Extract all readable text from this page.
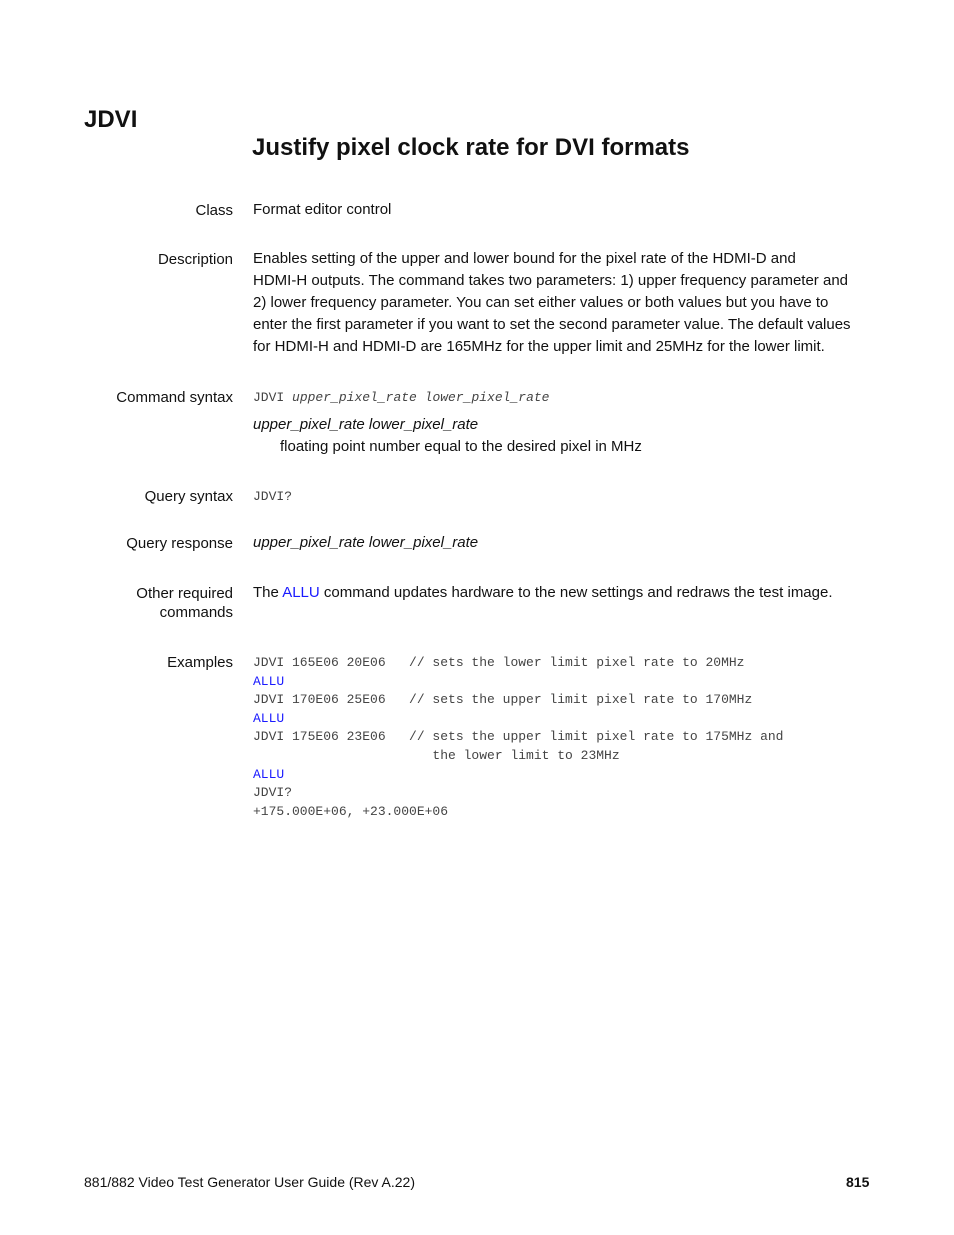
JDVI
Justify pixel clock rate for DVI formats
Class Format editor control
Description Enables setting of the upper and lower bound for the pixel rate of the HDMI-D and
HDMI-H outputs. The command takes two parameters: 1) upper frequency parameter and
2) lower frequency parameter. You can set either values or both values but you have to
enter the first parameter if you want to set the second parameter value. The default values
for HDMI-H and HDMI-D are 165MHz for the upper limit and 25MHz for the lower limit.
Command syntax JDVI upper_pixel_rate lower_pixel_rate
upper_pixel_rate lower_pixel_rate
floating point number equal to the desired pixel in MHz
Query syntax JDVI?
Query response upper_pixel_rate lower_pixel_rate
Other required
commands
The ALLU command updates hardware to the new settings and redraws the test image.
Examples JDVI 165E06 20E06   // sets the lower limit pixel rate to 20MHz
ALLU
JDVI 170E06 25E06   // sets the upper limit pixel rate to 170MHz
ALLU
JDVI 175E06 23E06   // sets the upper limit pixel rate to 175MHz and
the lower limit to 23MHz
ALLU
JDVI?
+175.000E+06, +23.000E+06
881/882 Video Test Generator User Guide (Rev A.22)	815
